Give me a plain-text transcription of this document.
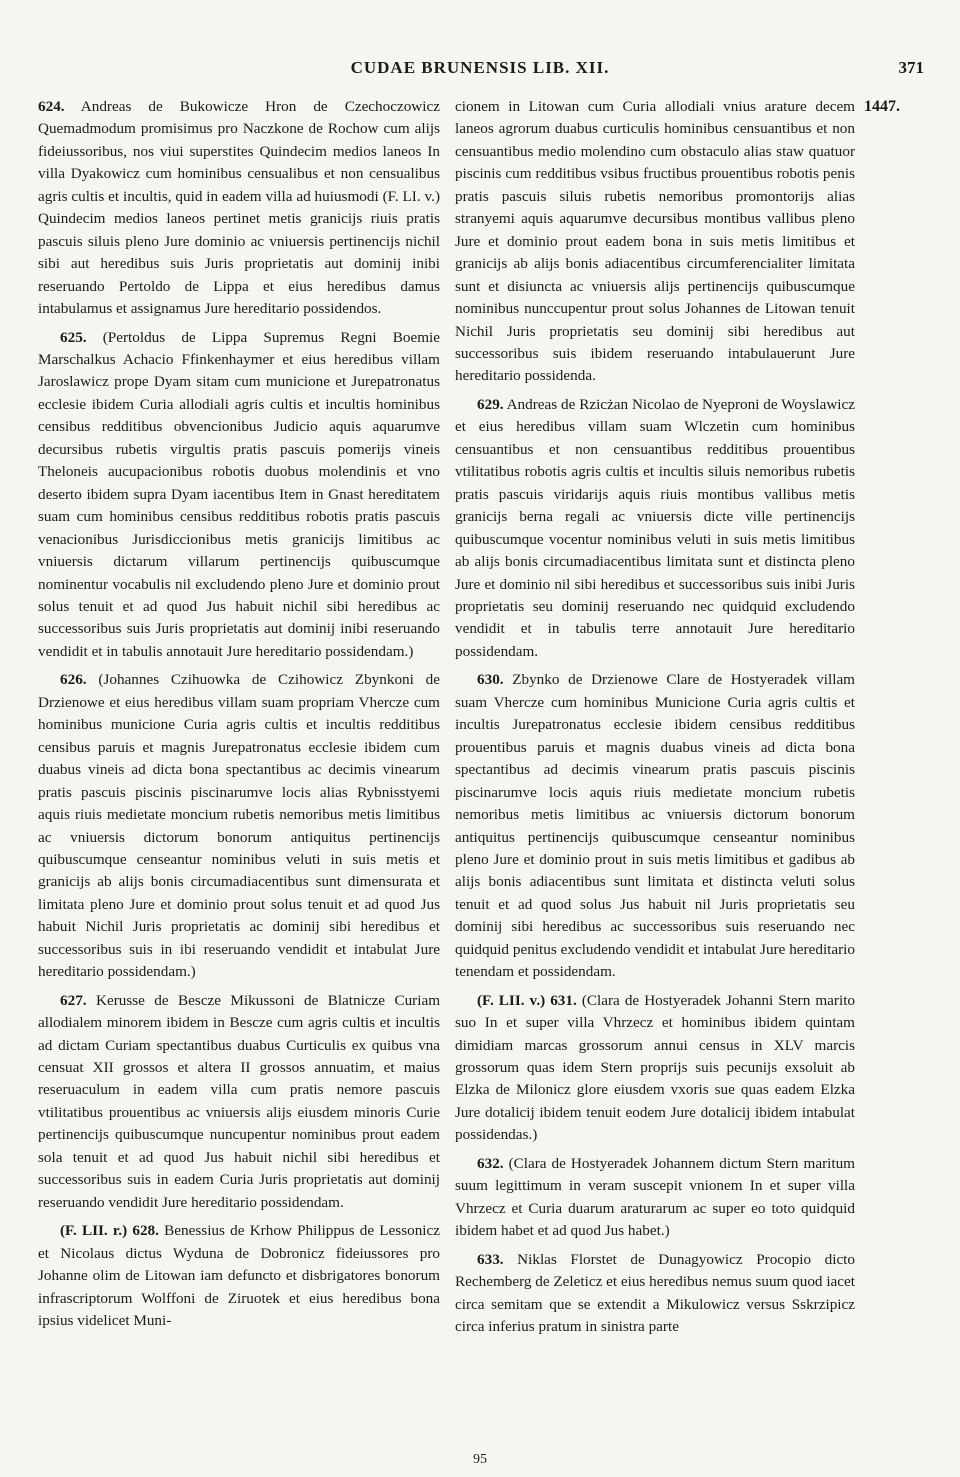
CUDAE BRUNENSIS LIB. XII.	371
1447.

624. Andreas de Bukowicze Hron de Czechoczowicz Quemadmodum promisimus pro Naczkone de Rochow cum alijs fideiussoribus, nos viui superstites Quindecim medios laneos In villa Dyakowicz cum hominibus censualibus et non censualibus agris cultis et incultis, quid in eadem villa ad huiusmodi (F. LI. v.) Quindecim medios laneos pertinet metis granicijs riuis pratis pascuis siluis pleno Jure dominio ac vniuersis pertinencijs nichil sibi aut heredibus suis Juris proprietatis aut dominij inibi reseruando Pertoldo de Lippa et eius heredibus damus intabulamus et assignamus Jure hereditario possidendos.

625. (Pertoldus de Lippa Supremus Regni Boemie Marschalkus Achacio Ffinkenhaymer et eius heredibus villam Jaroslawicz prope Dyam sitam cum municione et Jurepatronatus ecclesie ibidem Curia allodiali agris cultis et incultis hominibus censibus redditibus obvencionibus Judicio aquis aquarumve decursibus rubetis virgultis pratis pascuis pomerijs vineis Theloneis aucupacionibus robotis duobus molendinis et vno deserto ibidem supra Dyam iacentibus Item in Gnast hereditatem suam cum hominibus censibus redditibus robotis pratis pascuis venacionibus Jurisdiccionibus metis granicijs limitibus ac vniuersis dictarum villarum pertinencijs quibuscumque nominentur vocabulis nil excludendo pleno Jure et dominio prout solus tenuit et ad quod Jus habuit nichil sibi heredibus ac successoribus suis Juris proprietatis aut dominij inibi reseruando vendidit et in tabulis annotauit Jure hereditario possidendam.)

626. (Johannes Czihuowka de Czihowicz Zbynkoni de Drzienowe et eius heredibus villam suam propriam Vhercze cum hominibus municione Curia agris cultis et incultis redditibus censibus paruis et magnis Jurepatronatus ecclesie ibidem cum duabus vineis ad dicta bona spectantibus ac decimis vinearum pratis pascuis piscinis piscinarumve locis alias Rybnisstyemi aquis riuis medietate moncium rubetis nemoribus metis limitibus ac vniuersis dictorum bonorum antiquitus pertinencijs quibuscumque censeantur nominibus veluti in suis metis et granicijs ab alijs bonis circumadiacentibus sunt dimensurata et limitata pleno Jure et dominio prout solus tenuit et ad quod Jus habuit Nichil Juris proprietatis ac dominij sibi heredibus et successoribus suis in ibi reseruando vendidit et intabulat Jure hereditario possidendam.)

627. Kerusse de Bescze Mikussoni de Blatnicze Curiam allodialem minorem ibidem in Bescze cum agris cultis et incultis ad dictam Curiam spectantibus duabus Curticulis ex quibus vna censuat XII grossos et altera II grossos annuatim, et maius reseruaculum in eadem villa cum pratis nemore pascuis vtilitatibus prouentibus ac vniuersis alijs eiusdem minoris Curie pertinencijs quibuscumque nuncupentur nominibus prout eadem sola tenuit et ad quod Jus habuit nichil sibi heredibus et successoribus suis in eadem Curia Juris proprietatis aut dominij reseruando vendidit Jure hereditario possidendam.

(F. LII. r.) 628. Benessius de Krhow Philippus de Lessonicz et Nicolaus dictus Wyduna de Dobronicz fideiussores pro Johanne olim de Litowan iam defuncto et disbrigatores bonorum infrascriptorum Wolffoni de Ziruotek et eius heredibus bona ipsius videlicet Muni-

cionem in Litowan cum Curia allodiali vnius arature decem laneos agrorum duabus curticulis hominibus censuantibus et non censuantibus medio molendino cum obstaculo alias staw quatuor piscinis cum redditibus vsibus fructibus prouentibus robotis penis pratis pascuis siluis rubetis nemoribus promontorijs alias stranyemi aquis aquarumve decursibus montibus vallibus pleno Jure et dominio prout eadem bona in suis metis limitibus et granicijs ab alijs bonis adiacentibus circumferencialiter limitata sunt et disiuncta ac vniuersis alijs pertinencijs quibuscumque nominibus nunccupentur prout solus Johannes de Litowan tenuit Nichil Juris proprietatis seu dominij sibi heredibus aut successoribus suis ibidem reseruando intabulauerunt Jure hereditario possidenda.

629. Andreas de Rzicżan Nicolao de Nyeproni de Woyslawicz et eius heredibus villam suam Wlczetin cum hominibus censuantibus et non censuantibus redditibus prouentibus vtilitatibus robotis agris cultis et incultis siluis nemoribus rubetis pratis pascuis viridarijs aquis riuis montibus vallibus metis granicijs berna regali ac vniuersis dicte ville pertinencijs quibuscumque vocentur nominibus veluti in suis metis limitibus ab alijs bonis circumadiacentibus limitata sunt et distincta pleno Jure et dominio nil sibi heredibus et successoribus suis inibi Juris proprietatis seu dominij reseruando nec quidquid excludendo vendidit et in tabulis terre annotauit Jure hereditario possidendam.

630. Zbynko de Drzienowe Clare de Hostyeradek villam suam Vhercze cum hominibus Municione Curia agris cultis et incultis Jurepatronatus ecclesie ibidem censibus redditibus prouentibus paruis et magnis duabus vineis ad dicta bona spectantibus ad decimis vinearum pratis pascuis piscinis piscinarumve locis aquis riuis medietate moncium rubetis nemoribus metis limitibus ac vniuersis dictorum bonorum antiquitus pertinencijs quibuscumque censeantur nominibus pleno Jure et dominio prout in suis metis limitibus et gadibus ab alijs bonis adiacentibus sunt limitata et distincta veluti solus tenuit et ad quod solus Jus habuit nil Juris proprietatis seu dominij sibi heredibus ac successoribus suis reseruando nec quidquid penitus excludendo vendidit et intabulat Jure hereditario tenendam et possidendam.

(F. LII. v.) 631. (Clara de Hostyeradek Johanni Stern marito suo In et super villa Vhrzecz et hominibus ibidem quintam dimidiam marcas grossorum annui census in XLV marcis grossorum quas idem Stern proprijs suis pecunijs exsoluit ab Elzka de Milonicz glore eiusdem vxoris sue quas eadem Elzka Jure dotalicij ibidem tenuit eodem Jure dotalicij ibidem intabulat possidendas.)

632. (Clara de Hostyeradek Johannem dictum Stern maritum suum legittimum in veram suscepit vnionem In et super villa Vhrzecz et Curia duarum araturarum ac super eo toto quidquid ibidem habet et ad quod Jus habet.)

633. Niklas Florstet de Dunagyowicz Procopio dicto Rechemberg de Zeleticz et eius heredibus nemus suum quod iacet circa semitam que se extendit a Mikulowicz versus Sskrzipicz circa inferius pratum in sinistra parte

95
